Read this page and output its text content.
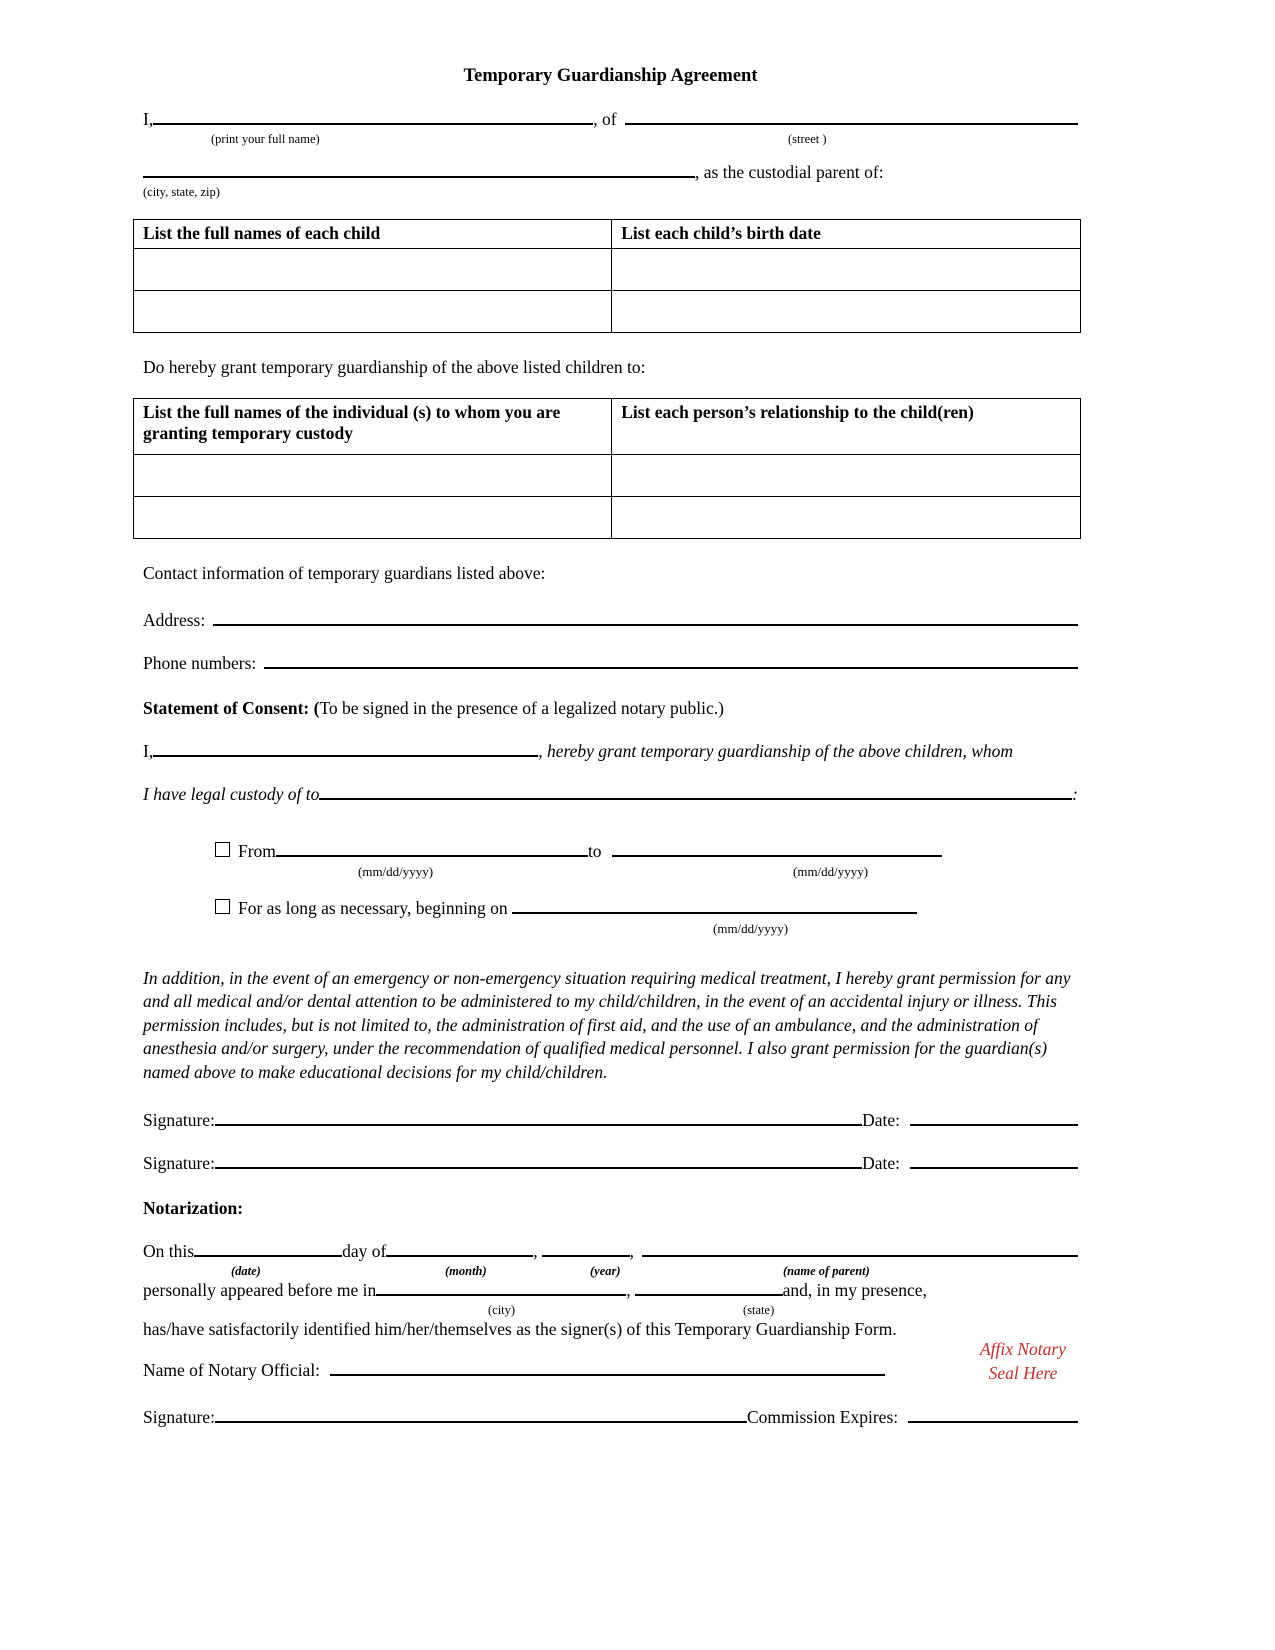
Temporary Guardianship Agreement
I,	, of
(print your full name)	(street )
, as the custodial parent of:
(city, state, zip)
List the full names of each child	List each child’s birth date

Do hereby grant temporary guardianship of the above listed children to:

List the full names of the individual (s) to whom you are granting temporary custody	List each person’s relationship to the child(ren)

Contact information of temporary guardians listed above:

Address:
Phone numbers:

Statement of Consent: (To be signed in the presence of a legalized notary public.)

I,	, hereby grant temporary guardianship of the above children, whom
I have legal custody of to	:
From	to
(mm/dd/yyyy)	(mm/dd/yyyy)
For as long as necessary, beginning on
(mm/dd/yyyy)

In addition, in the event of an emergency or non-emergency situation requiring medical treatment, I hereby grant permission for any and all medical and/or dental attention to be administered to my child/children, in the event of an accidental injury or illness. This permission includes, but is not limited to, the administration of first aid, and the use of an ambulance, and the administration of anesthesia and/or surgery, under the recommendation of qualified medical personnel. I also grant permission for the guardian(s) named above to make educational decisions for my child/children.

Signature:	Date:
Signature:	Date:

Notarization:

On this	day of	,	,
(date)	(month)	(year)	(name of parent)
personally appeared before me in	,	and, in my presence,
(city)	(state)

has/have satisfactorily identified him/her/themselves as the signer(s) of this Temporary Guardianship Form.

Affix Notary
Seal Here
Name of Notary Official:
Signature:	Commission Expires:
